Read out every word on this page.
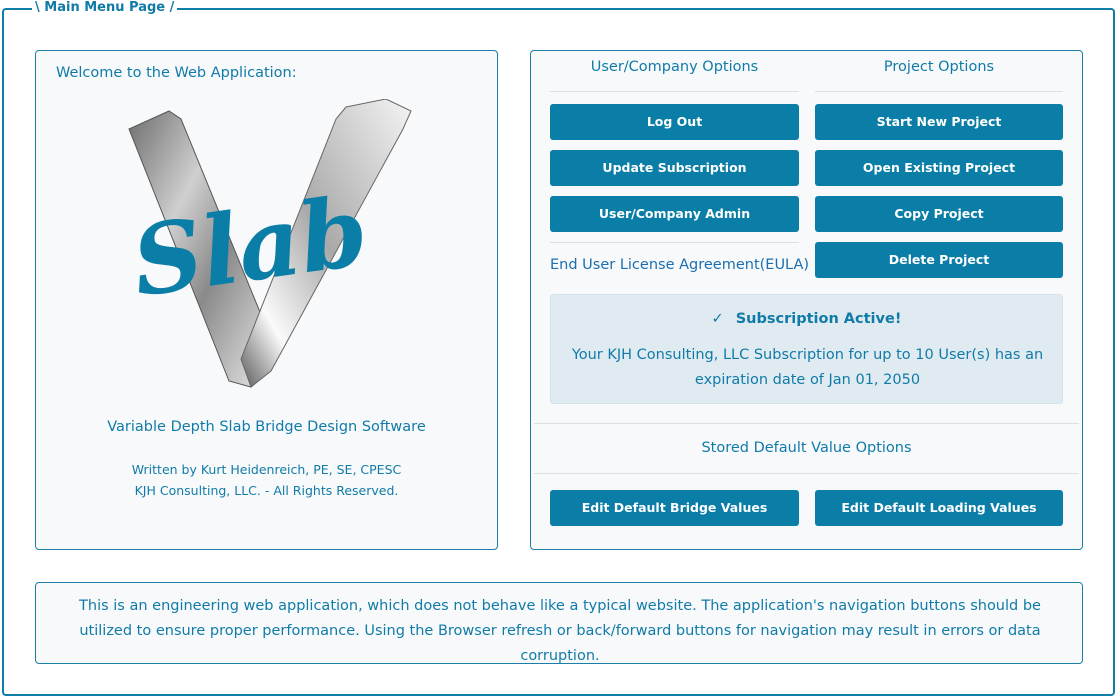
\ Main Menu Page /
Welcome to the Web Application:
Slab
Variable Depth Slab Bridge Design Software
Written by Kurt Heidenreich, PE, SE, CPESC
KJH Consulting, LLC. - All Rights Reserved.
User/Company Options	Project Options
Log Out
Update Subscription
User/Company Admin
End User License Agreement(EULA)
Start New Project
Open Existing Project
Copy Project
Delete Project
✓ Subscription Active!
Your KJH Consulting, LLC Subscription for up to 10 User(s) has an expiration date of Jan 01, 2050
Stored Default Value Options
Edit Default Bridge Values	Edit Default Loading Values
This is an engineering web application, which does not behave like a typical website. The application's navigation buttons should be utilized to ensure proper performance. Using the Browser refresh or back/forward buttons for navigation may result in errors or data corruption.
